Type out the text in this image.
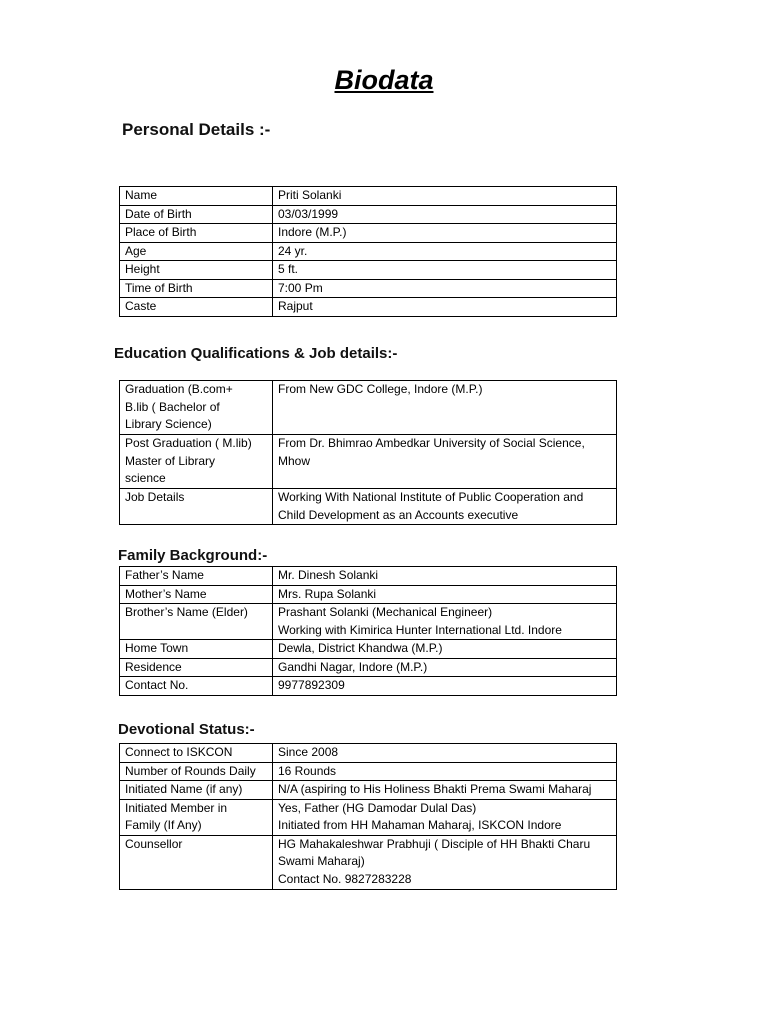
Biodata
Personal Details :-
Name	Priti Solanki
Date of Birth	03/03/1999
Place of Birth	Indore (M.P.)
Age	24 yr.
Height	5 ft.
Time of Birth	7:00 Pm
Caste	Rajput
Education Qualifications & Job details:-
Graduation (B.com+
B.lib ( Bachelor of
Library Science)	From New GDC College, Indore (M.P.)

Post Graduation ( M.lib)
Master of Library
science	From Dr. Bhimrao Ambedkar University of Social Science,
Mhow

Job Details	Working With National Institute of Public Cooperation and
Child Development as an Accounts executive
Family Background:-
Father’s Name	Mr. Dinesh Solanki

Mother’s Name	Mrs. Rupa Solanki

Brother’s Name (Elder)	Prashant Solanki (Mechanical Engineer)
Working with Kimirica Hunter International Ltd. Indore

Home Town	Dewla, District Khandwa (M.P.)

Residence	Gandhi Nagar, Indore (M.P.)

Contact No.	9977892309
Devotional Status:-
Connect to ISKCON	Since 2008

Number of Rounds Daily	16 Rounds

Initiated Name (if any)	N/A (aspiring to His Holiness Bhakti Prema Swami Maharaj

Initiated Member in
Family (If Any)	Yes, Father (HG Damodar Dulal Das)
Initiated from HH Mahaman Maharaj, ISKCON Indore

Counsellor	HG Mahakaleshwar Prabhuji ( Disciple of HH Bhakti Charu
Swami Maharaj)
Contact No. 9827283228
